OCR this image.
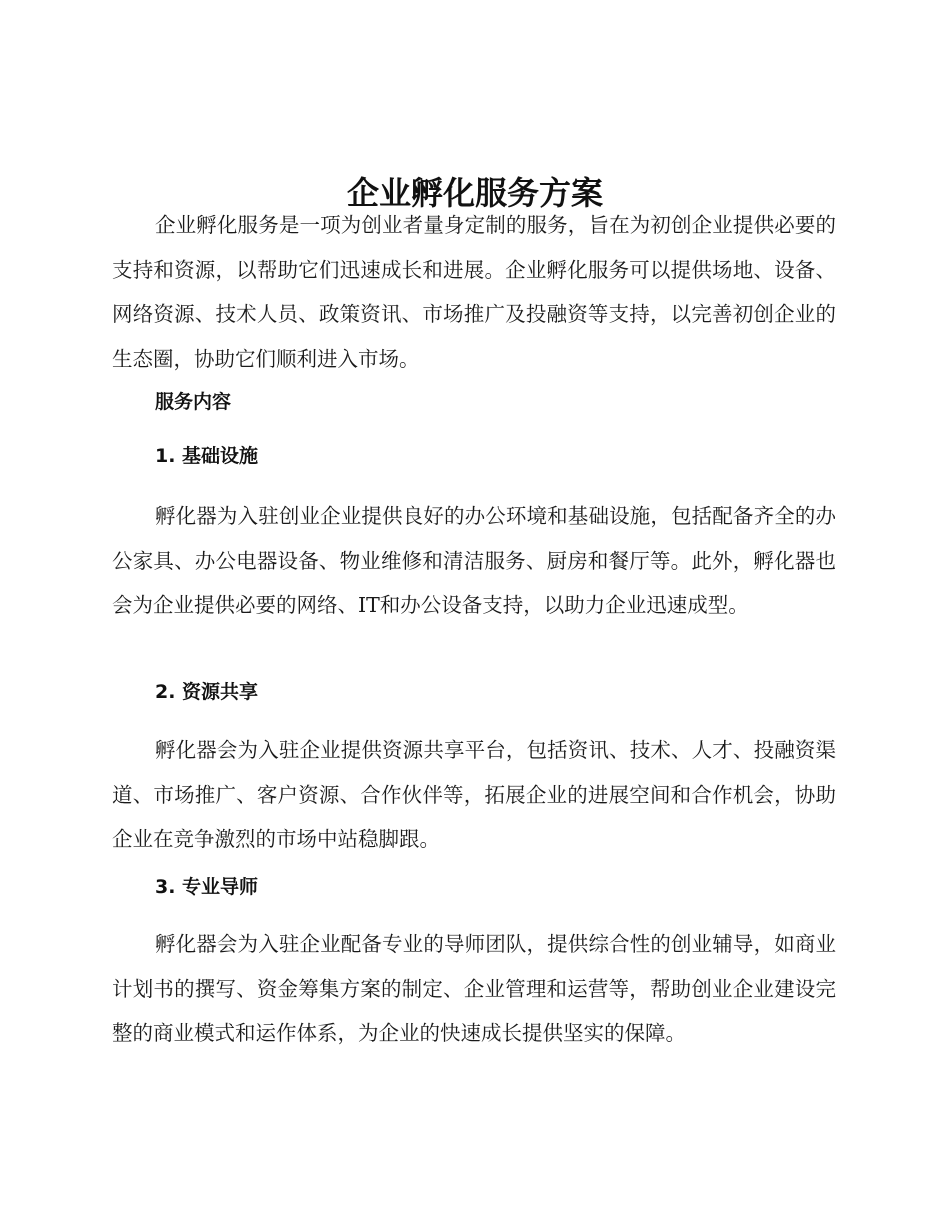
企业孵化服务方案

企业孵化服务是一项为创业者量身定制的服务，旨在为初创企业提供必要的支持和资源，以帮助它们迅速成长和进展。企业孵化服务可以提供场地、设备、网络资源、技术人员、政策资讯、市场推广及投融资等支持，以完善初创企业的生态圈，协助它们顺利进入市场。

服务内容
1. 基础设施

孵化器为入驻创业企业提供良好的办公环境和基础设施，包括配备齐全的办公家具、办公电器设备、物业维修和清洁服务、厨房和餐厅等。此外，孵化器也会为企业提供必要的网络、IT和办公设备支持，以助力企业迅速成型。

2. 资源共享

孵化器会为入驻企业提供资源共享平台，包括资讯、技术、人才、投融资渠道、市场推广、客户资源、合作伙伴等，拓展企业的进展空间和合作机会，协助企业在竞争激烈的市场中站稳脚跟。

3. 专业导师

孵化器会为入驻企业配备专业的导师团队，提供综合性的创业辅导，如商业计划书的撰写、资金筹集方案的制定、企业管理和运营等，帮助创业企业建设完整的商业模式和运作体系，为企业的快速成长提供坚实的保障。
